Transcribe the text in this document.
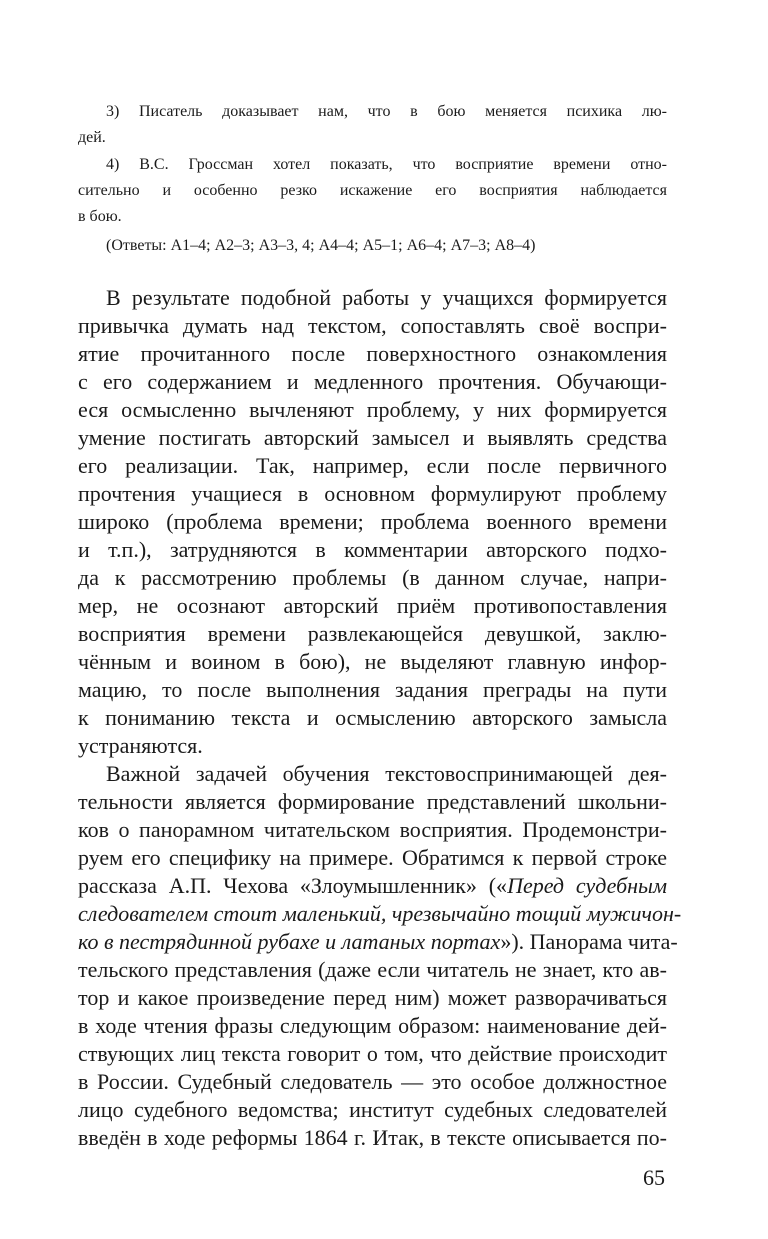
3) Писатель доказывает нам, что в бою меняется психика лю-
дей.
4) В.С. Гроссман хотел показать, что восприятие времени отно-
сительно и особенно резко искажение его восприятия наблюдается
в бою.
(Ответы: А1–4; А2–3; А3–3, 4; А4–4; А5–1; А6–4; А7–3; А8–4)
В результате подобной работы у учащихся формируется
привычка думать над текстом, сопоставлять своё воспри-
ятие прочитанного после поверхностного ознакомления
с его содержанием и медленного прочтения. Обучающи-
еся осмысленно вычленяют проблему, у них формируется
умение постигать авторский замысел и выявлять средства
его реализации. Так, например, если после первичного
прочтения учащиеся в основном формулируют проблему
широко (проблема времени; проблема военного времени
и т.п.), затрудняются в комментарии авторского подхо-
да к рассмотрению проблемы (в данном случае, напри-
мер, не осознают авторский приём противопоставления
восприятия времени развлекающейся девушкой, заклю-
чённым и воином в бою), не выделяют главную инфор-
мацию, то после выполнения задания преграды на пути
к пониманию текста и осмыслению авторского замысла
устраняются.
Важной задачей обучения текстовоспринимающей дея-
тельности является формирование представлений школьни-
ков о панорамном читательском восприятия. Продемонстри-
руем его специфику на примере. Обратимся к первой строке
рассказа А.П. Чехова «Злоумышленник» («Перед судебным
следователем стоит маленький, чрезвычайно тощий мужичон-
ко в пестрядинной рубахе и латаных портах»). Панорама чита-
тельского представления (даже если читатель не знает, кто ав-
тор и какое произведение перед ним) может разворачиваться
в ходе чтения фразы следующим образом: наименование дей-
ствующих лиц текста говорит о том, что действие происходит
в России. Судебный следователь — это особое должностное
лицо судебного ведомства; институт судебных следователей
введён в ходе реформы 1864 г. Итак, в тексте описывается по-
65
